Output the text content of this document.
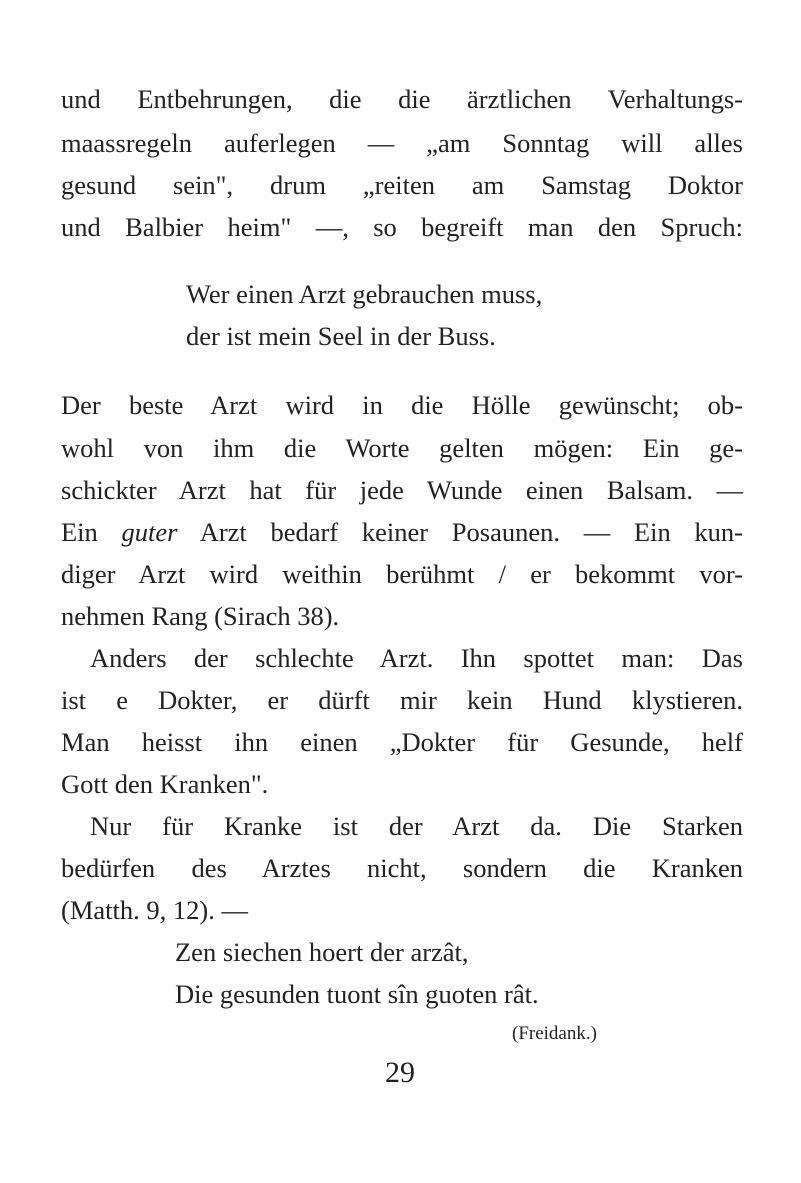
und Entbehrungen, die die ärztlichen Verhaltungs-
maassregeln auferlegen — „am Sonntag will alles
gesund sein", drum „reiten am Samstag Doktor
und Balbier heim" —, so begreift man den Spruch:
Wer einen Arzt gebrauchen muss,
der ist mein Seel in der Buss.
Der beste Arzt wird in die Hölle gewünscht; ob-
wohl von ihm die Worte gelten mögen: Ein ge-
schickter Arzt hat für jede Wunde einen Balsam. —
Ein guter Arzt bedarf keiner Posaunen. — Ein kun-
diger Arzt wird weithin berühmt / er bekommt vor-
nehmen Rang (Sirach 38).
Anders der schlechte Arzt. Ihn spottet man: Das
ist e Dokter, er dürft mir kein Hund klystieren.
Man heisst ihn einen „Dokter für Gesunde, helf
Gott den Kranken".
Nur für Kranke ist der Arzt da. Die Starken
bedürfen des Arztes nicht, sondern die Kranken
(Matth. 9, 12). —
Zen siechen hoert der arzât,
Die gesunden tuont sîn guoten rât.
(Freidank.)
29
